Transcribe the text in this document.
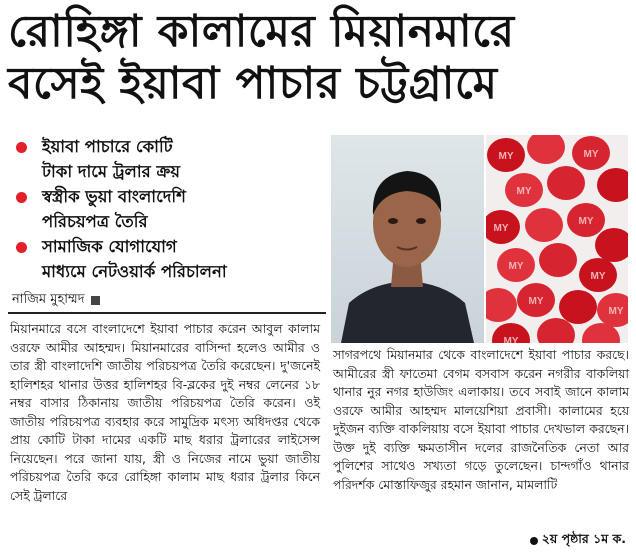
রোহিঙ্গা কালামের মিয়ানমারে
বসেই ইয়াবা পাচার চট্টগ্রামে
ইয়াবা পাচারে কোটি
টাকা দামে ট্রলার ক্রয়
স্বস্ত্রীক ভুয়া বাংলাদেশি
পরিচয়পত্র তৈরি
সামাজিক যোগাযোগ
মাধ্যমে নেটওয়ার্ক পরিচালনা
নাজিম মুহাম্মদ
MY	MY
MY
MY
MY
MY
MY
MY
MY
MY
মিয়ানমারে বসে বাংলাদেশে ইয়াবা পাচার করেন আবুল কালাম ওরফে আমীর আহম্মদ। মিয়ানমারের বাসিন্দা হলেও আমীর ও তার স্ত্রী বাংলাদেশি জাতীয় পরিচয়পত্র তৈরি করেছেন। দু'জনেই হালিশহর থানার উত্তর হালিশহর বি-ব্লকের দুই নম্বর লেনের ১৮ নম্বর বাসার ঠিকানায় জাতীয় পরিচয়পত্র তৈরি করেন। ওই জাতীয় পরিচয়পত্র ব্যবহার করে সামুদ্রিক মৎস্য অধিদপ্তর থেকে প্রায় কোটি টাকা দামের একটি মাছ ধরার ট্রলারের লাইসেন্স নিয়েছেন। পরে জানা যায়, স্ত্রী ও নিজের নামে ভুয়া জাতীয় পরিচয়পত্র তৈরি করে রোহিঙ্গা কালাম মাছ ধরার ট্রলার কিনে সেই ট্রলারে
সাগরপথে মিয়ানমার থেকে বাংলাদেশে ইয়াবা পাচার করছে। আমীরের স্ত্রী ফাতেমা বেগম বসবাস করেন নগরীর বাকলিয়া থানার নুর নগর হাউজিং এলাকায়। তবে সবাই জানে কালাম ওরফে আমীর আহম্মদ মালয়েশিয়া প্রবাসী। কালামের হয়ে দুইজন ব্যক্তি বাকলিয়ায় বসে ইয়াবা পাচার দেখভাল করছেন। উক্ত দুই ব্যক্তি ক্ষমতাসীন দলের রাজনৈতিক নেতা আর পুলিশের সাথেও সখ্যতা গড়ে তুলেছেন। চান্দগাঁও থানার পরিদর্শক মোস্তাফিজুর রহমান জানান, মামলাটি
২য় পৃষ্ঠার ১ম ক.
